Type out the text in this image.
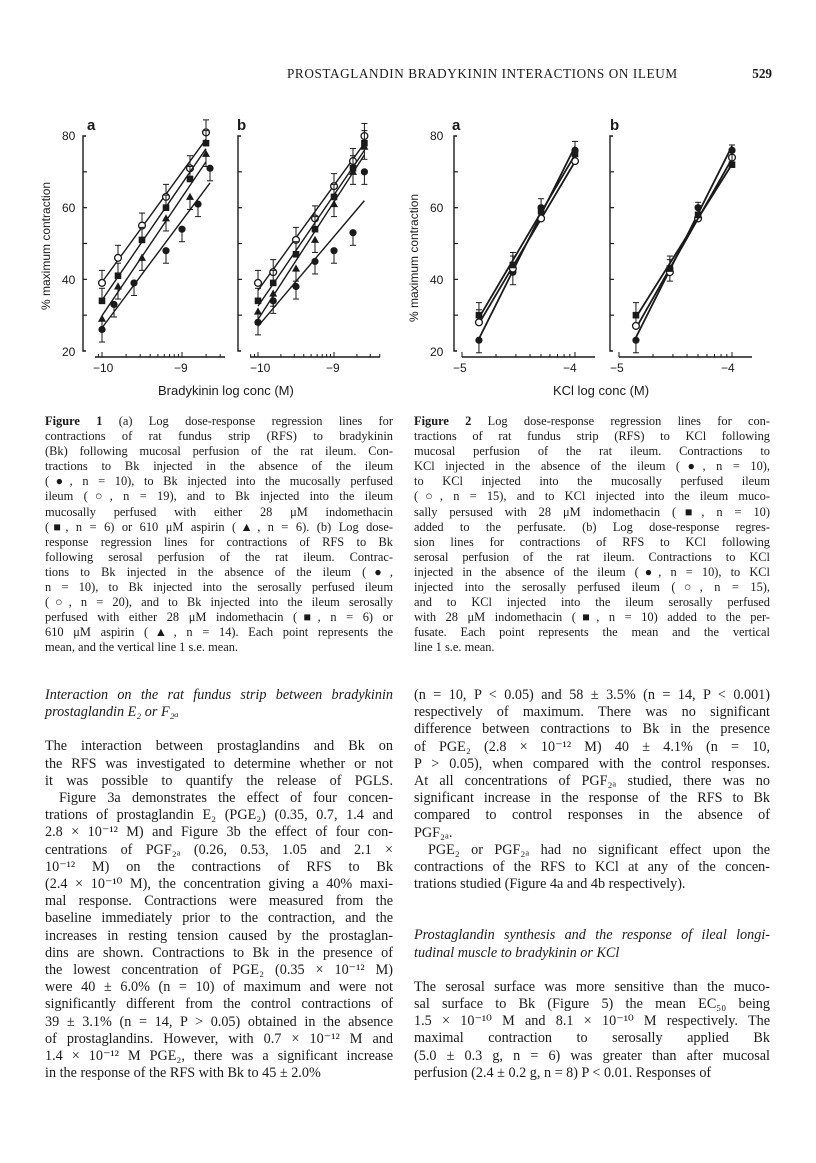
PROSTAGLANDIN BRADYKININ INTERACTIONS ON ILEUM	529
a	b
80
60
40
20
% maximum contraction
−10	−9	−10	−9
Bradykinin log conc (M)
a	b
80
60
40
20
% maximum contraction
−5	−4	−5	−4
KCl log conc (M)
Figure 1 (a) Log dose-response regression lines for
contractions of rat fundus strip (RFS) to bradykinin
(Bk) following mucosal perfusion of the rat ileum. Con-
tractions to Bk injected in the absence of the ileum
(●, n = 10), to Bk injected into the mucosally perfused
ileum (○, n = 19), and to Bk injected into the ileum
mucosally perfused with either 28 μM indomethacin
(■, n = 6) or 610 μM aspirin (▲, n = 6). (b) Log dose-
response regression lines for contractions of RFS to Bk
following serosal perfusion of the rat ileum. Contrac-
tions to Bk injected in the absence of the ileum (●,
n = 10), to Bk injected into the serosally perfused ileum
(○, n = 20), and to Bk injected into the ileum serosally
perfused with either 28 μM indomethacin (■, n = 6) or
610 μM aspirin (▲, n = 14). Each point represents the
mean, and the vertical line 1 s.e. mean.
Figure 2 Log dose-response regression lines for con-
tractions of rat fundus strip (RFS) to KCl following
mucosal perfusion of the rat ileum. Contractions to
KCl injected in the absence of the ileum (●, n = 10),
to KCl injected into the mucosally perfused ileum
(○, n = 15), and to KCl injected into the ileum muco-
sally persused with 28 μM indomethacin (■, n = 10)
added to the perfusate. (b) Log dose-response regres-
sion lines for contractions of RFS to KCl following
serosal perfusion of the rat ileum. Contractions to KCl
injected in the absence of the ileum (●, n = 10), to KCl
injected into the serosally perfused ileum (○, n = 15),
and to KCl injected into the ileum serosally perfused
with 28 μM indomethacin (■, n = 10) added to the per-
fusate. Each point represents the mean and the vertical
line 1 s.e. mean.
Interaction on the rat fundus strip between bradykinin
prostaglandin E₂ or F₂ₐ
The interaction between prostaglandins and Bk on
the RFS was investigated to determine whether or not
it was possible to quantify the release of PGLS.
Figure 3a demonstrates the effect of four concen-
trations of prostaglandin E₂ (PGE₂) (0.35, 0.7, 1.4 and
2.8 × 10⁻¹² M) and Figure 3b the effect of four con-
centrations of PGF₂ₐ (0.26, 0.53, 1.05 and 2.1 ×
10⁻¹² M) on the contractions of RFS to Bk
(2.4 × 10⁻¹⁰ M), the concentration giving a 40% maxi-
mal response. Contractions were measured from the
baseline immediately prior to the contraction, and the
increases in resting tension caused by the prostaglan-
dins are shown. Contractions to Bk in the presence of
the lowest concentration of PGE₂ (0.35 × 10⁻¹² M)
were 40 ± 6.0% (n = 10) of maximum and were not
significantly different from the control contractions of
39 ± 3.1% (n = 14, P > 0.05) obtained in the absence
of prostaglandins. However, with 0.7 × 10⁻¹² M and
1.4 × 10⁻¹² M PGE₂, there was a significant increase
in the response of the RFS with Bk to 45 ± 2.0%
(n = 10, P < 0.05) and 58 ± 3.5% (n = 14, P < 0.001)
respectively of maximum. There was no significant
difference between contractions to Bk in the presence
of PGE₂ (2.8 × 10⁻¹² M) 40 ± 4.1% (n = 10,
P > 0.05), when compared with the control responses.
At all concentrations of PGF₂ₐ studied, there was no
significant increase in the response of the RFS to Bk
compared to control responses in the absence of
PGF₂ₐ.
PGE₂ or PGF₂ₐ had no significant effect upon the
contractions of the RFS to KCl at any of the concen-
trations studied (Figure 4a and 4b respectively).
Prostaglandin synthesis and the response of ileal longi-
tudinal muscle to bradykinin or KCl
The serosal surface was more sensitive than the muco-
sal surface to Bk (Figure 5) the mean EC₅₀ being
1.5 × 10⁻¹⁰ M and 8.1 × 10⁻¹⁰ M respectively. The
maximal contraction to serosally applied Bk
(5.0 ± 0.3 g, n = 6) was greater than after mucosal
perfusion (2.4 ± 0.2 g, n = 8) P < 0.01. Responses of
